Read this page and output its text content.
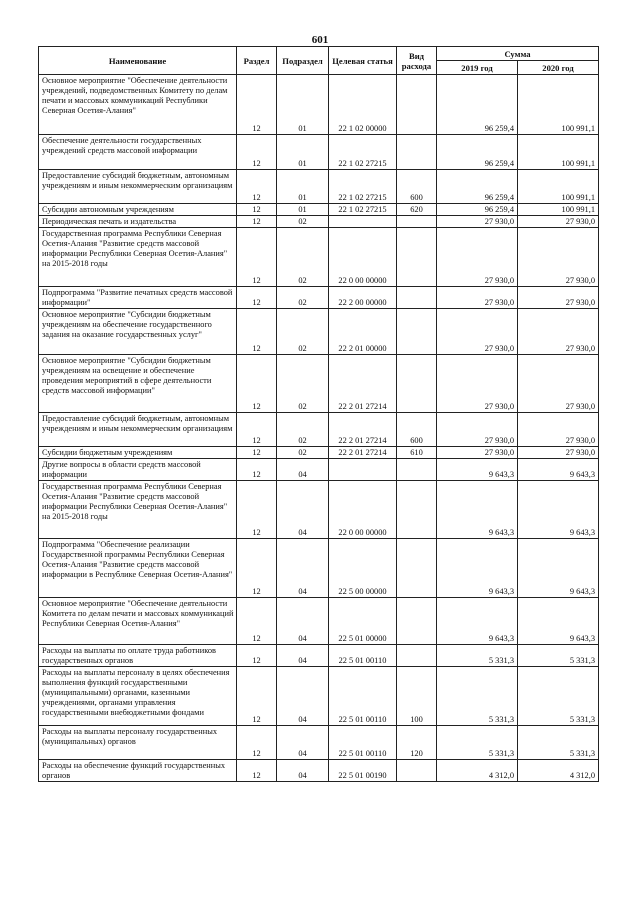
601
Наименование	Раздел	Подраздел	Целевая статья	Вид расхода	Сумма	
					2019 год	2020 год
Основное мероприятие "Обеспечение деятельности учреждений, подведомственных Комитету по делам печати и массовых коммуникаций Республики Северная Осетия-Алания"	12	01	22 1 02 00000		96 259,4	100 991,1
Обеспечение деятельности государственных учреждений средств массовой информации	12	01	22 1 02 27215		96 259,4	100 991,1
Предоставление субсидий бюджетным, автономным учреждениям и иным некоммерческим организациям	12	01	22 1 02 27215	600	96 259,4	100 991,1
Субсидии автономным учреждениям	12	01	22 1 02 27215	620	96 259,4	100 991,1
Периодическая печать и издательства	12	02			27 930,0	27 930,0
Государственная программа Республики Северная Осетия-Алания "Развитие средств массовой информации Республики Северная Осетия-Алания" на 2015-2018 годы	12	02	22 0 00 00000		27 930,0	27 930,0
Подпрограмма "Развитие печатных средств массовой информации"	12	02	22 2 00 00000		27 930,0	27 930,0
Основное мероприятие "Субсидии бюджетным учреждениям на обеспечение государственного задания на оказание государственных услуг"	12	02	22 2 01 00000		27 930,0	27 930,0
Основное мероприятие "Субсидии бюджетным учреждениям на освещение и обеспечение проведения мероприятий в сфере деятельности средств массовой информации"	12	02	22 2 01 27214		27 930,0	27 930,0
Предоставление субсидий бюджетным, автономным учреждениям и иным некоммерческим организациям	12	02	22 2 01 27214	600	27 930,0	27 930,0
Субсидии бюджетным учреждениям	12	02	22 2 01 27214	610	27 930,0	27 930,0
Другие вопросы в области средств массовой информации	12	04			9 643,3	9 643,3
Государственная программа Республики Северная Осетия-Алания "Развитие средств массовой информации Республики Северная Осетия-Алания" на 2015-2018 годы	12	04	22 0 00 00000		9 643,3	9 643,3
Подпрограмма "Обеспечение реализации Государственной программы Республики Северная Осетия-Алания "Развитие средств массовой информации в Республике Северная Осетия-Алания"	12	04	22 5 00 00000		9 643,3	9 643,3
Основное мероприятие "Обеспечение деятельности Комитета по делам печати и массовых коммуникаций Республики Северная Осетия-Алания"	12	04	22 5 01 00000		9 643,3	9 643,3
Расходы на выплаты по оплате труда работников государственных органов	12	04	22 5 01 00110		5 331,3	5 331,3
Расходы на выплаты персоналу в целях обеспечения выполнения функций государственными (муниципальными) органами, казенными учреждениями, органами управления государственными внебюджетными фондами	12	04	22 5 01 00110	100	5 331,3	5 331,3
Расходы на выплаты персоналу государственных (муниципальных) органов	12	04	22 5 01 00110	120	5 331,3	5 331,3
Расходы на обеспечение функций государственных органов	12	04	22 5 01 00190		4 312,0	4 312,0
